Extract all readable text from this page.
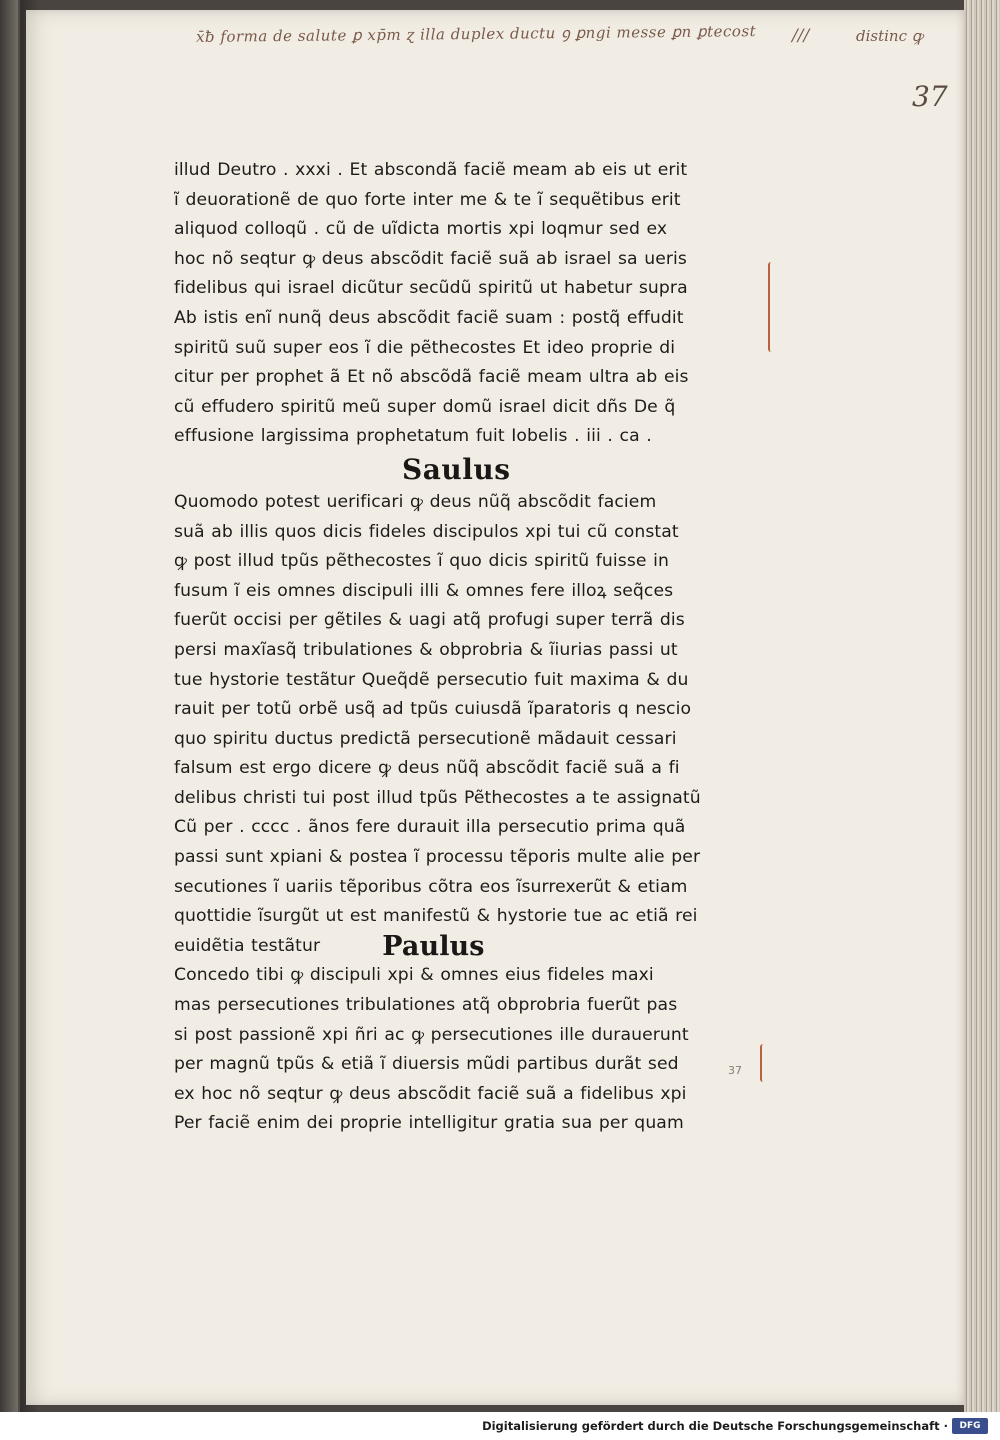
x̄ƀ forma de salute ꝑ xp̄m ɀ illa duplex ductu ꝯ ꝑngi messe ꝑn ꝑtecost ///	distinc ꝙ
37
37
illud Deutro . xxxi . Et absconda͂ facie͂ meam ab eis ut erit
ı͂ deuoratione͂ de quo forte inter me & te ı͂ seque͂tibus erit
aliquod colloqu͂ . cu͂ de uı͂dicta mortis xpi loqmur sed ex
hoc no͂ seqtur ꝙ deus absco͂dit facie͂ sua͂ ab israel sa ueris
fidelibus qui israel dicu͂tur secu͂du͂ spiritu͂ ut habetur supra
Ab istis eni͂ nunq͂ deus absco͂dit facie͂ suam : postq͂ effudit
spiritu͂ suu͂ super eos ı͂ die pe͂thecostes Et ideo proprie di
citur per prophet a͂ Et no͂ absco͂da͂ facie͂ meam ultra ab eis
cu͂ effudero spiritu͂ meu͂ super domu͂ israel dicit dn͂s De q͂
effusione largissima prophetatum fuit Iobelis . iii . ca .
Saulus
Quomodo potest uerificari ꝙ deus nu͂q͂ absco͂dit faciem
sua͂ ab illis quos dicis fideles discipulos xpi tui cu͂ constat
ꝙ post illud tpu͂s pe͂thecostes ı͂ quo dicis spiritu͂ fuisse in
fusum ı͂ eis omnes discipuli illi & omnes fere illoꝝ seq͂ces
fueru͂t occisi per ge͂tiles & uagi atq͂ profugi super terra͂ dis
persi maxı͂asq͂ tribulationes & obprobria & ı͂iurias passi ut
tue hystorie testa͂tur Queq͂de͂ persecutio fuit maxima & du
rauit per totu͂ orbe͂ usq͂ ad tpu͂s cuiusda͂ ı͂paratoris q nescio
quo spiritu ductus predicta͂ persecutione͂ ma͂dauit cessari
falsum est ergo dicere ꝙ deus nu͂q͂ absco͂dit facie͂ sua͂ a fi
delibus christi tui post illud tpu͂s Pe͂thecostes a te assignatu͂
Cu͂ per . cccc . a͂nos fere durauit illa persecutio prima qua͂
passi sunt xpiani & postea ı͂ processu te͂poris multe alie per
secutiones ı͂ uariis te͂poribus co͂tra eos ı͂surrexeru͂t & etiam
quottidie ı͂surgu͂t ut est manifestu͂ & hystorie tue ac etia͂ rei
euide͂tia testa͂tur Paulus
Concedo tibi ꝙ discipuli xpi & omnes eius fideles maxi
mas persecutiones tribulationes atq͂ obprobria fueru͂t pas
si post passione͂ xpi n͂ri ac ꝙ persecutiones ille durauerunt
per magnu͂ tpu͂s & etia͂ ı͂ diuersis mu͂di partibus dura͂t sed
ex hoc no͂ seqtur ꝙ deus absco͂dit facie͂ sua͂ a fidelibus xpi
Per facie͂ enim dei proprie intelligitur gratia sua per quam
Digitalisierung gefördert durch die Deutsche Forschungsgemeinschaft ·	DFG
